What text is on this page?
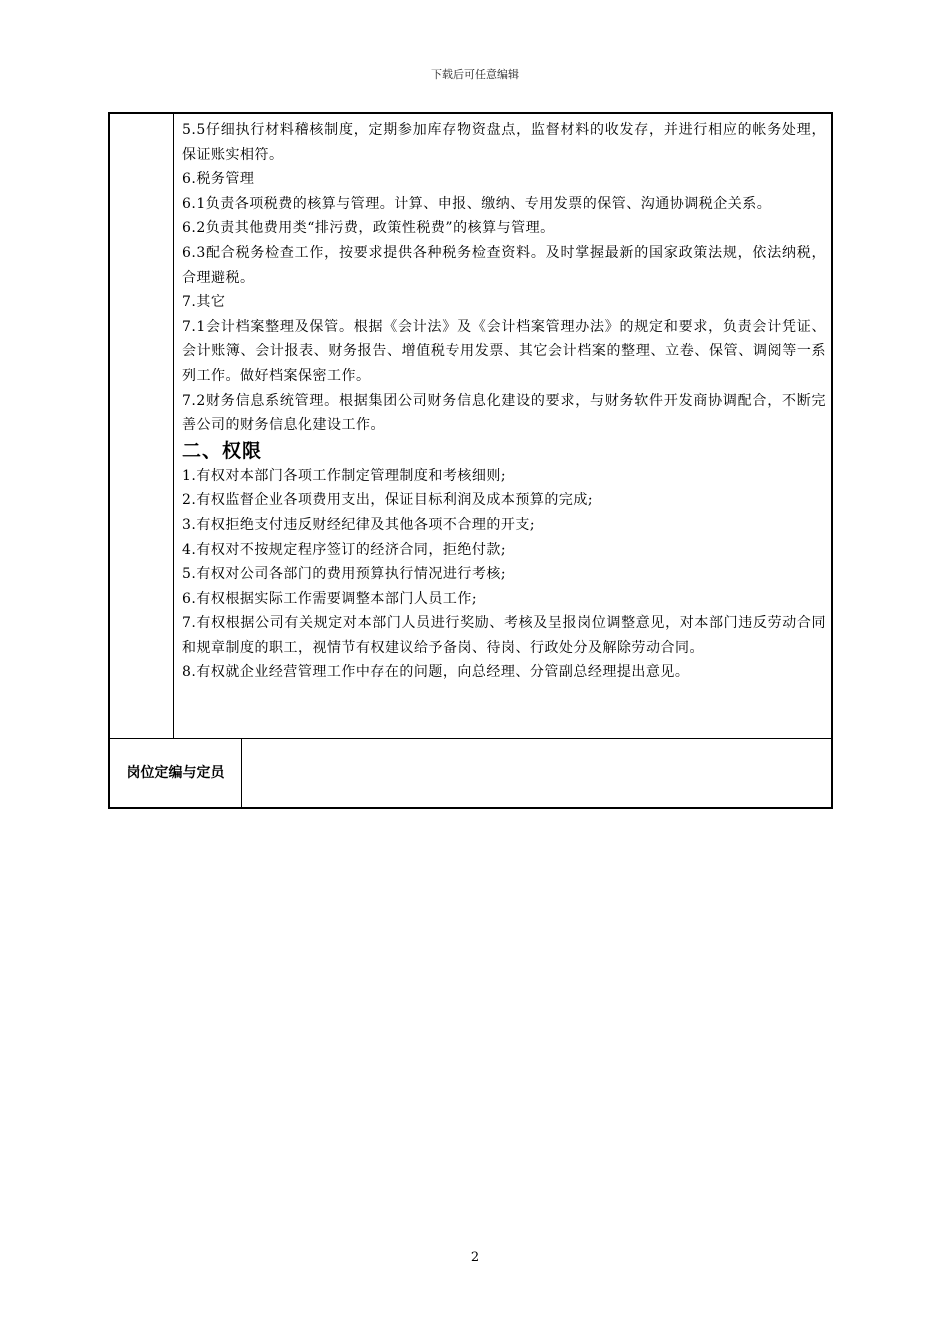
下载后可任意编辑

5.5仔细执行材料稽核制度，定期参加库存物资盘点，监督材料的收发存，并进行相应的帐务处理，保证账实相符。

6.税务管理

6.1负责各项税费的核算与管理。计算、申报、缴纳、专用发票的保管、沟通协调税企关系。

6.2负责其他费用类“排污费，政策性税费”的核算与管理。

6.3配合税务检查工作，按要求提供各种税务检查资料。及时掌握最新的国家政策法规，依法纳税，合理避税。

7.其它

7.1会计档案整理及保管。根据《会计法》及《会计档案管理办法》的规定和要求，负责会计凭证、会计账簿、会计报表、财务报告、增值税专用发票、其它会计档案的整理、立卷、保管、调阅等一系列工作。做好档案保密工作。

7.2财务信息系统管理。根据集团公司财务信息化建设的要求，与财务软件开发商协调配合，不断完善公司的财务信息化建设工作。

二、权限

1.有权对本部门各项工作制定管理制度和考核细则;

2.有权监督企业各项费用支出，保证目标利润及成本预算的完成;

3.有权拒绝支付违反财经纪律及其他各项不合理的开支;

4.有权对不按规定程序签订的经济合同，拒绝付款;

5.有权对公司各部门的费用预算执行情况进行考核;

6.有权根据实际工作需要调整本部门人员工作;

7.有权根据公司有关规定对本部门人员进行奖励、考核及呈报岗位调整意见，对本部门违反劳动合同和规章制度的职工，视情节有权建议给予备岗、待岗、行政处分及解除劳动合同。

8.有权就企业经营管理工作中存在的问题，向总经理、分管副总经理提出意见。

岗位定编与定员
2
